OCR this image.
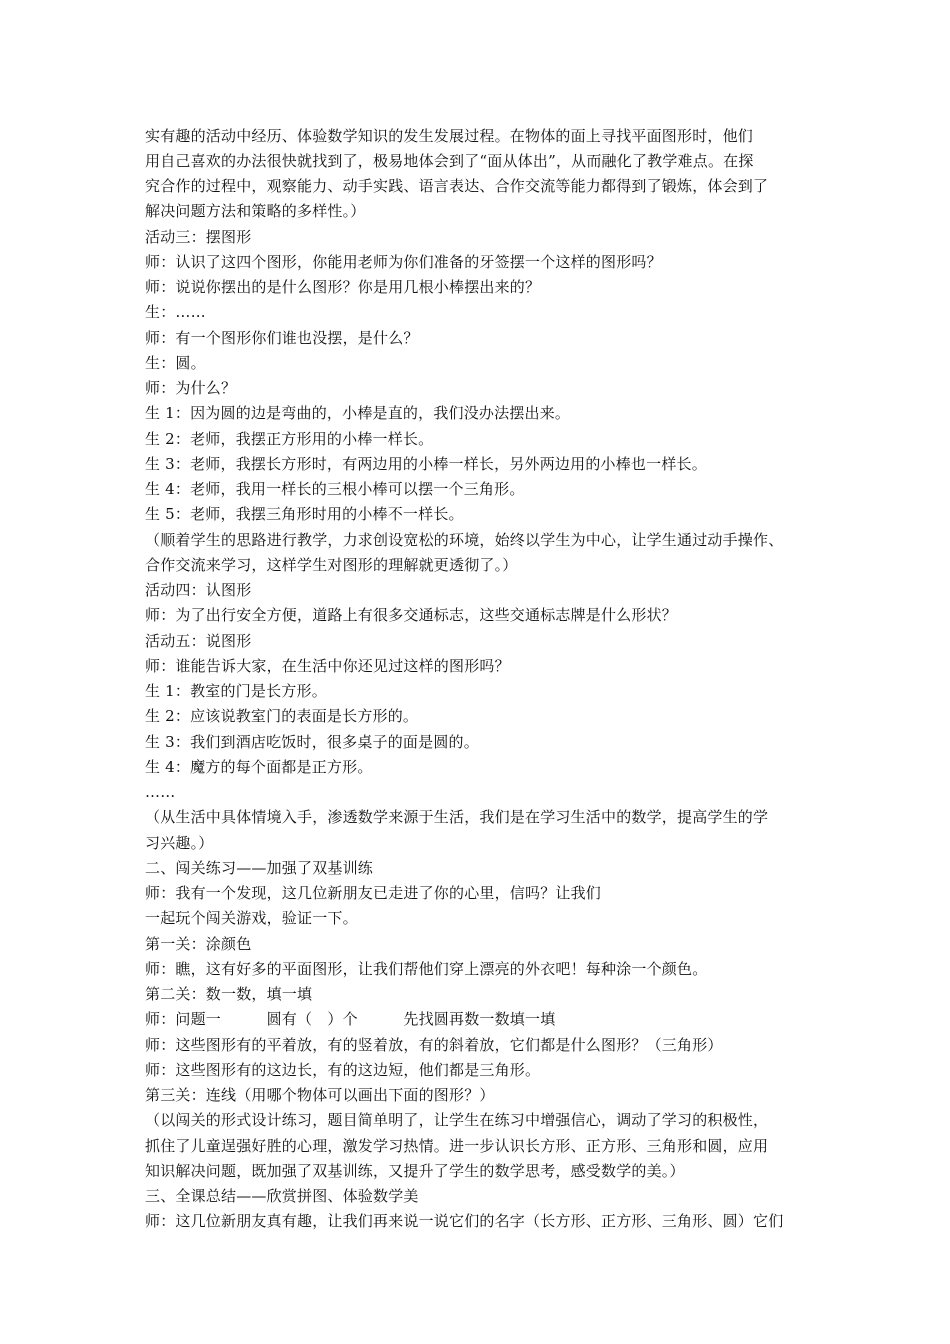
实有趣的活动中经历、体验数学知识的发生发展过程。在物体的面上寻找平面图形时，他们
用自己喜欢的办法很快就找到了，极易地体会到了“面从体出”，从而融化了教学难点。在探
究合作的过程中，观察能力、动手实践、语言表达、合作交流等能力都得到了锻炼，体会到了
解决问题方法和策略的多样性。）
活动三：摆图形
师：认识了这四个图形，你能用老师为你们准备的牙签摆一个这样的图形吗？
师：说说你摆出的是什么图形？你是用几根小棒摆出来的？
生：……
师：有一个图形你们谁也没摆，是什么？
生：圆。
师：为什么？
生 1：因为圆的边是弯曲的，小棒是直的，我们没办法摆出来。
生 2：老师，我摆正方形用的小棒一样长。
生 3：老师，我摆长方形时，有两边用的小棒一样长，另外两边用的小棒也一样长。
生 4：老师，我用一样长的三根小棒可以摆一个三角形。
生 5：老师，我摆三角形时用的小棒不一样长。
（顺着学生的思路进行教学，力求创设宽松的环境，始终以学生为中心，让学生通过动手操作、
合作交流来学习，这样学生对图形的理解就更透彻了。）
活动四：认图形
师：为了出行安全方便，道路上有很多交通标志，这些交通标志牌是什么形状？
活动五：说图形
师：谁能告诉大家，在生活中你还见过这样的图形吗？
生 1：教室的门是长方形。
生 2：应该说教室门的表面是长方形的。
生 3：我们到酒店吃饭时，很多桌子的面是圆的。
生 4：魔方的每个面都是正方形。
……
（从生活中具体情境入手，渗透数学来源于生活，我们是在学习生活中的数学，提高学生的学
习兴趣。）
二、闯关练习——加强了双基训练
师：我有一个发现，这几位新朋友已走进了你的心里，信吗？让我们
一起玩个闯关游戏，验证一下。
第一关：涂颜色
师：瞧，这有好多的平面图形，让我们帮他们穿上漂亮的外衣吧！每种涂一个颜色。
第二关：数一数，填一填
师：问题一　　　圆有（　）个　　　先找圆再数一数填一填
师：这些图形有的平着放，有的竖着放，有的斜着放，它们都是什么图形？（三角形）
师：这些图形有的这边长，有的这边短，他们都是三角形。
第三关：连线（用哪个物体可以画出下面的图形？）
（以闯关的形式设计练习，题目简单明了，让学生在练习中增强信心，调动了学习的积极性，
抓住了儿童逞强好胜的心理，激发学习热情。进一步认识长方形、正方形、三角形和圆，应用
知识解决问题，既加强了双基训练，又提升了学生的数学思考，感受数学的美。）
三、全课总结——欣赏拼图、体验数学美
师：这几位新朋友真有趣，让我们再来说一说它们的名字（长方形、正方形、三角形、圆）它们
